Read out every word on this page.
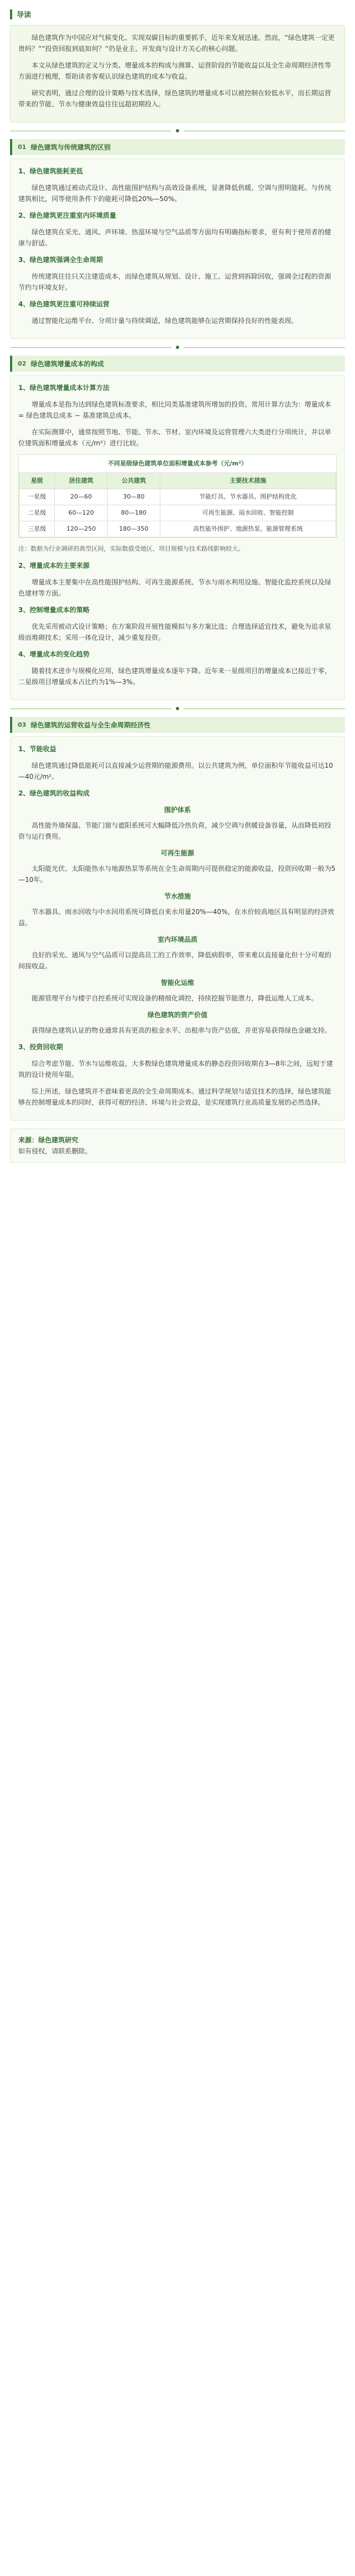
导读

绿色建筑作为中国应对气候变化、实现双碳目标的重要抓手，近年来发展迅速。然而，“绿色建筑一定更贵吗？”“投资回报到底如何？”仍是业主、开发商与设计方关心的核心问题。

本文从绿色建筑的定义与分类、增量成本的构成与测算、运营阶段的节能收益以及全生命周期经济性等方面进行梳理，帮助读者客观认识绿色建筑的成本与收益。

研究表明，通过合理的设计策略与技术选择，绿色建筑的增量成本可以被控制在较低水平，而长期运营带来的节能、节水与健康效益往往远超初期投入。

01 绿色建筑与传统建筑的区别

1、绿色建筑能耗更低

绿色建筑通过被动式设计、高性能围护结构与高效设备系统，显著降低供暖、空调与照明能耗。与传统建筑相比，同等使用条件下的能耗可降低20%—50%。

2、绿色建筑更注重室内环境质量

绿色建筑在采光、通风、声环境、热湿环境与空气品质等方面均有明确指标要求，更有利于使用者的健康与舒适。

3、绿色建筑强调全生命周期

传统建筑往往只关注建造成本，而绿色建筑从规划、设计、施工、运营到拆除回收，强调全过程的资源节约与环境友好。

4、绿色建筑更注重可持续运营

通过智能化运维平台、分项计量与持续调适，绿色建筑能够在运营期保持良好的性能表现。

02 绿色建筑增量成本的构成

1、绿色建筑增量成本计算方法

增量成本是指为达到绿色建筑标准要求，相比同类基准建筑所增加的投资。常用计算方法为：增量成本 = 绿色建筑总成本 − 基准建筑总成本。

在实际测算中，通常按照节地、节能、节水、节材、室内环境及运营管理六大类进行分项统计，并以单位建筑面积增量成本（元/m²）进行比较。

不同星级绿色建筑单位面积增量成本参考（元/m²）
星级	居住建筑	公共建筑	主要技术措施
一星级	20—60	30—80	节能灯具、节水器具、围护结构优化
二星级	60—120	80—180	可再生能源、雨水回收、智能控制
三星级	120—250	180—350	高性能外围护、地源热泵、能源管理系统

注：数据为行业调研的典型区间，实际数值受地区、项目规模与技术路线影响较大。

2、增量成本的主要来源

增量成本主要集中在高性能围护结构、可再生能源系统、节水与雨水利用设施、智能化监控系统以及绿色建材等方面。

3、控制增量成本的策略

优先采用被动式设计策略；在方案阶段开展性能模拟与多方案比选；合理选择适宜技术，避免为追求星级而堆砌技术；采用一体化设计，减少重复投资。

4、增量成本的变化趋势

随着技术进步与规模化应用，绿色建筑增量成本逐年下降。近年来一星级项目的增量成本已接近于零，二星级项目增量成本占比约为1%—3%。

03 绿色建筑的运营收益与全生命周期经济性

1、节能收益

绿色建筑通过降低能耗可以直接减少运营期的能源费用。以公共建筑为例，单位面积年节能收益可达10—40元/m²。

2、绿色建筑的收益构成

围护体系

高性能外墙保温、节能门窗与遮阳系统可大幅降低冷热负荷，减少空调与供暖设备容量，从而降低初投资与运行费用。

可再生能源

太阳能光伏、太阳能热水与地源热泵等系统在全生命周期内可提供稳定的能源收益，投资回收期一般为5—10年。

节水措施

节水器具、雨水回收与中水回用系统可降低自来水用量20%—40%，在水价较高地区具有明显的经济效益。

室内环境品质

良好的采光、通风与空气品质可以提高员工的工作效率，降低病假率，带来难以直接量化但十分可观的间接收益。

智能化运维

能源管理平台与楼宇自控系统可实现设备的精细化调控，持续挖掘节能潜力，降低运维人工成本。

绿色建筑的资产价值

获得绿色建筑认证的物业通常具有更高的租金水平、出租率与资产估值，并更容易获得绿色金融支持。

3、投资回收期

综合考虑节能、节水与运维收益，大多数绿色建筑增量成本的静态投资回收期在3—8年之间，远短于建筑的设计使用年限。

综上所述，绿色建筑并不意味着更高的全生命周期成本。通过科学规划与适宜技术的选择，绿色建筑能够在控制增量成本的同时，获得可观的经济、环境与社会效益，是实现建筑行业高质量发展的必然选择。

来源：绿色建筑研究
如有侵权，请联系删除。
